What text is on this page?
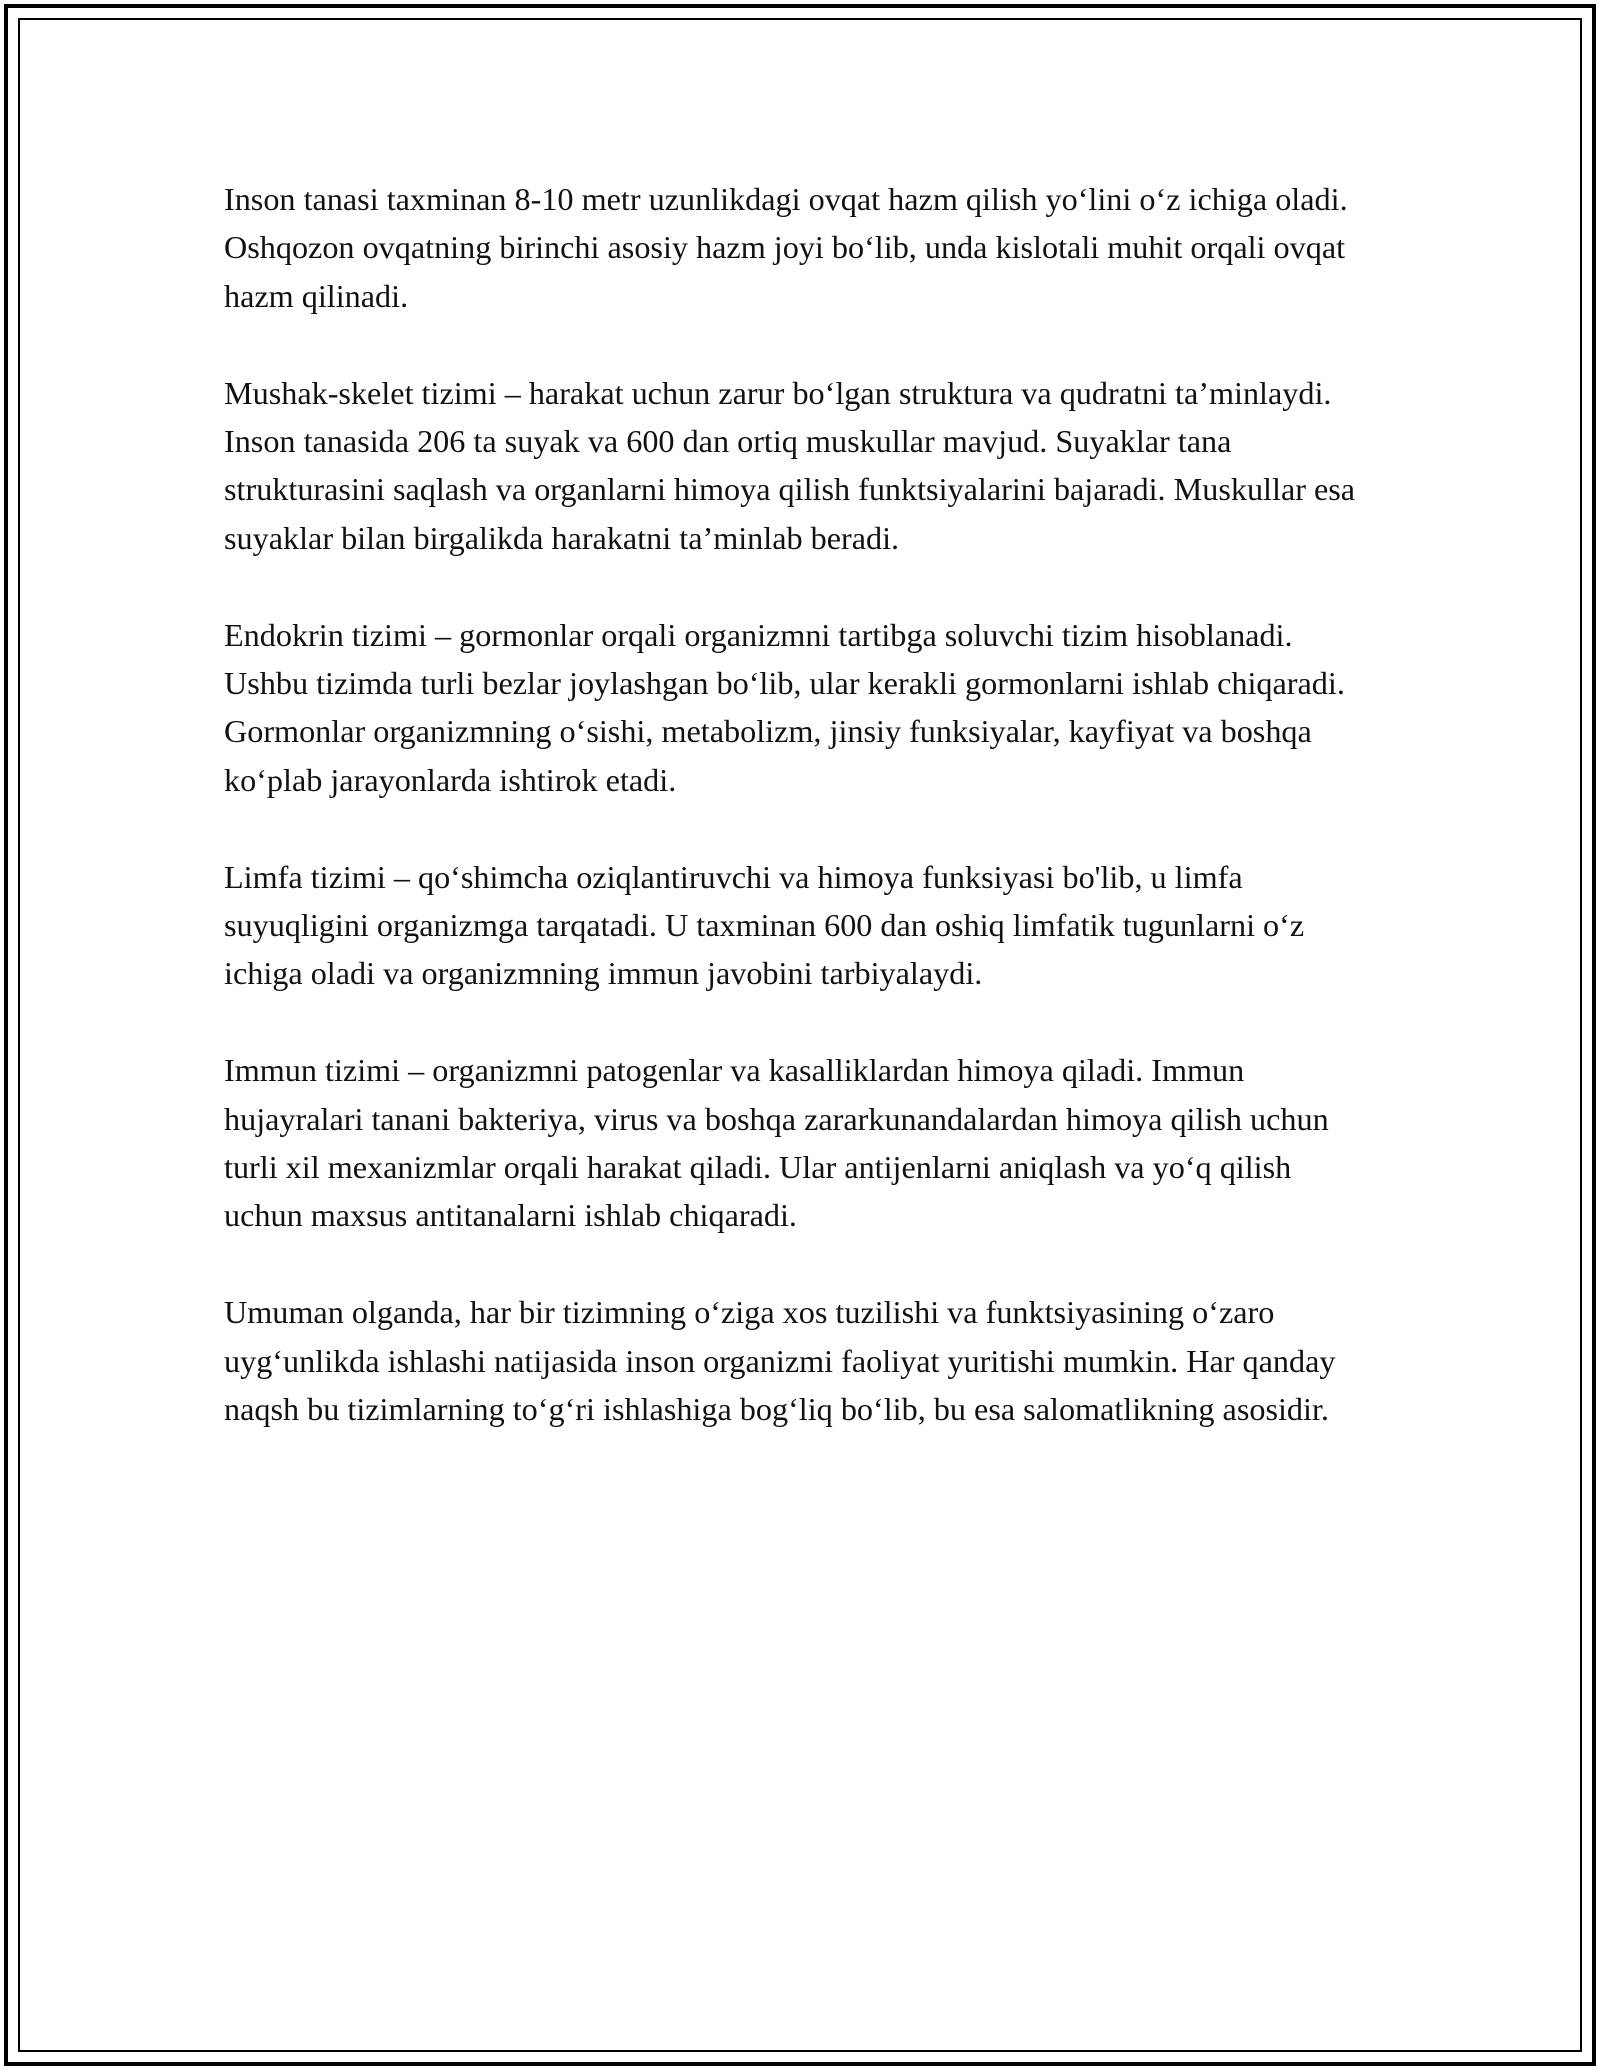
Inson tanasi taxminan 8-10 metr uzunlikdagi ovqat hazm qilish yo‘lini o‘z ichiga oladi. Oshqozon ovqatning birinchi asosiy hazm joyi bo‘lib, unda kislotali muhit orqali ovqat hazm qilinadi.

Mushak-skelet tizimi – harakat uchun zarur bo‘lgan struktura va qudratni ta’minlaydi. Inson tanasida 206 ta suyak va 600 dan ortiq muskullar mavjud. Suyaklar tana strukturasini saqlash va organlarni himoya qilish funktsiyalarini bajaradi. Muskullar esa suyaklar bilan birgalikda harakatni ta’minlab beradi.

Endokrin tizimi – gormonlar orqali organizmni tartibga soluvchi tizim hisoblanadi. Ushbu tizimda turli bezlar joylashgan bo‘lib, ular kerakli gormonlarni ishlab chiqaradi. Gormonlar organizmning o‘sishi, metabolizm, jinsiy funksiyalar, kayfiyat va boshqa ko‘plab jarayonlarda ishtirok etadi.

Limfa tizimi – qo‘shimcha oziqlantiruvchi va himoya funksiyasi bo'lib, u limfa suyuqligini organizmga tarqatadi. U taxminan 600 dan oshiq limfatik tugunlarni o‘z ichiga oladi va organizmning immun javobini tarbiyalaydi.

Immun tizimi – organizmni patogenlar va kasalliklardan himoya qiladi. Immun hujayralari tanani bakteriya, virus va boshqa zararkunandalardan himoya qilish uchun turli xil mexanizmlar orqali harakat qiladi. Ular antijenlarni aniqlash va yo‘q qilish uchun maxsus antitanalarni ishlab chiqaradi.

Umuman olganda, har bir tizimning o‘ziga xos tuzilishi va funktsiyasining o‘zaro uyg‘unlikda ishlashi natijasida inson organizmi faoliyat yuritishi mumkin. Har qanday naqsh bu tizimlarning to‘g‘ri ishlashiga bog‘liq bo‘lib, bu esa salomatlikning asosidir.
